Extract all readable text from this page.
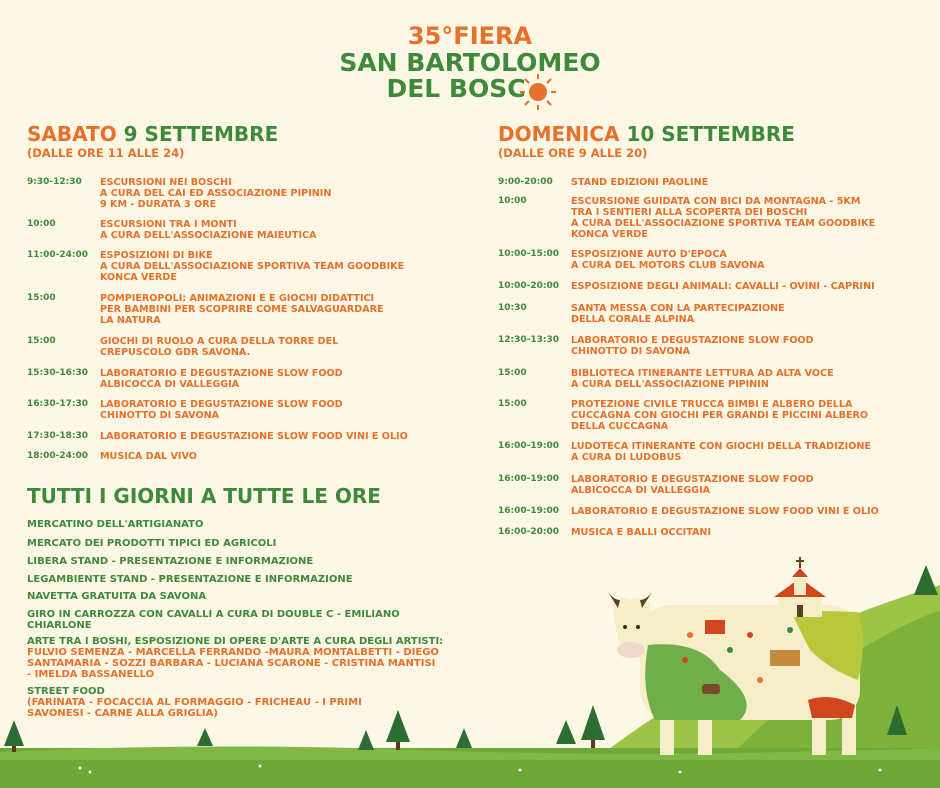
35°FIERA
SAN BARTOLOMEO
DEL BOSC
SABATO 9 SETTEMBRE
(DALLE ORE 11 ALLE 24)
9:30-12:30 ESCURSIONI NEI BOSCHI
A CURA DEL CAI ED ASSOCIAZIONE PIPININ
9 KM - DURATA 3 ORE
10:00	ESCURSIONI TRA I MONTI
A CURA DELL'ASSOCIAZIONE MAIEUTICA
11:00-24:00 ESPOSIZIONI DI BIKE
A CURA DELL'ASSOCIAZIONE SPORTIVA TEAM GOODBIKE
KONCA VERDE
15:00	POMPIEROPOLI: ANIMAZIONI E E GIOCHI DIDATTICI
PER BAMBINI PER SCOPRIRE COME SALVAGUARDARE
LA NATURA
15:00	GIOCHI DI RUOLO A CURA DELLA TORRE DEL
CREPUSCOLO GDR SAVONA.
15:30-16:30 LABORATORIO E DEGUSTAZIONE SLOW FOOD
ALBICOCCA DI VALLEGGIA
16:30-17:30 LABORATORIO E DEGUSTAZIONE SLOW FOOD
CHINOTTO DI SAVONA
17:30-18:30 LABORATORIO E DEGUSTAZIONE SLOW FOOD VINI E OLIO
18:00-24:00 MUSICA DAL VIVO
TUTTI I GIORNI A TUTTE LE ORE
MERCATINO DELL'ARTIGIANATO
MERCATO DEI PRODOTTI TIPICI ED AGRICOLI
LIBERA STAND - PRESENTAZIONE E INFORMAZIONE
LEGAMBIENTE STAND - PRESENTAZIONE E INFORMAZIONE
NAVETTA GRATUITA DA SAVONA
GIRO IN CARROZZA CON CAVALLI A CURA DI DOUBLE C - EMILIANO
CHIARLONE
ARTE TRA I BOSHI, ESPOSIZIONE DI OPERE D'ARTE A CURA DEGLI ARTISTI:
FULVIO SEMENZA - MARCELLA FERRANDO -MAURA MONTALBETTI - DIEGO
SANTAMARIA - SOZZI BARBARA - LUCIANA SCARONE - CRISTINA MANTISI
- IMELDA BASSANELLO
STREET FOOD
(FARINATA - FOCACCIA AL FORMAGGIO - FRICHEAU - I PRIMI
SAVONESI - CARNE ALLA GRIGLIA)
DOMENICA 10 SETTEMBRE
(DALLE ORE 9 ALLE 20)
9:00-20:00 STAND EDIZIONI PAOLINE
10:00	ESCURSIONE GUIDATA CON BICI DA MONTAGNA - 5KM
TRA I SENTIERI ALLA SCOPERTA DEI BOSCHI
A CURA DELL'ASSOCIAZIONE SPORTIVA TEAM GOODBIKE
KONCA VERDE
10:00-15:00 ESPOSIZIONE AUTO D'EPOCA
A CURA DEL MOTORS CLUB SAVONA
10:00-20:00 ESPOSIZIONE DEGLI ANIMALI: CAVALLI - OVINI - CAPRINI
10:30	SANTA MESSA CON LA PARTECIPAZIONE
DELLA CORALE ALPINA
12:30-13:30 LABORATORIO E DEGUSTAZIONE SLOW FOOD
CHINOTTO DI SAVONA
15:00	BIBLIOTECA ITINERANTE LETTURA AD ALTA VOCE
A CURA DELL'ASSOCIAZIONE PIPININ
15:00	PROTEZIONE CIVILE TRUCCA BIMBI E ALBERO DELLA
CUCCAGNA CON GIOCHI PER GRANDI E PICCINI ALBERO
DELLA CUCCAGNA
16:00-19:00 LUDOTECA ITINERANTE CON GIOCHI DELLA TRADIZIONE
A CURA DI LUDOBUS
16:00-19:00 LABORATORIO E DEGUSTAZIONE SLOW FOOD
ALBICOCCA DI VALLEGGIA
16:00-19:00 LABORATORIO E DEGUSTAZIONE SLOW FOOD VINI E OLIO
16:00-20:00 MUSICA E BALLI OCCITANI
